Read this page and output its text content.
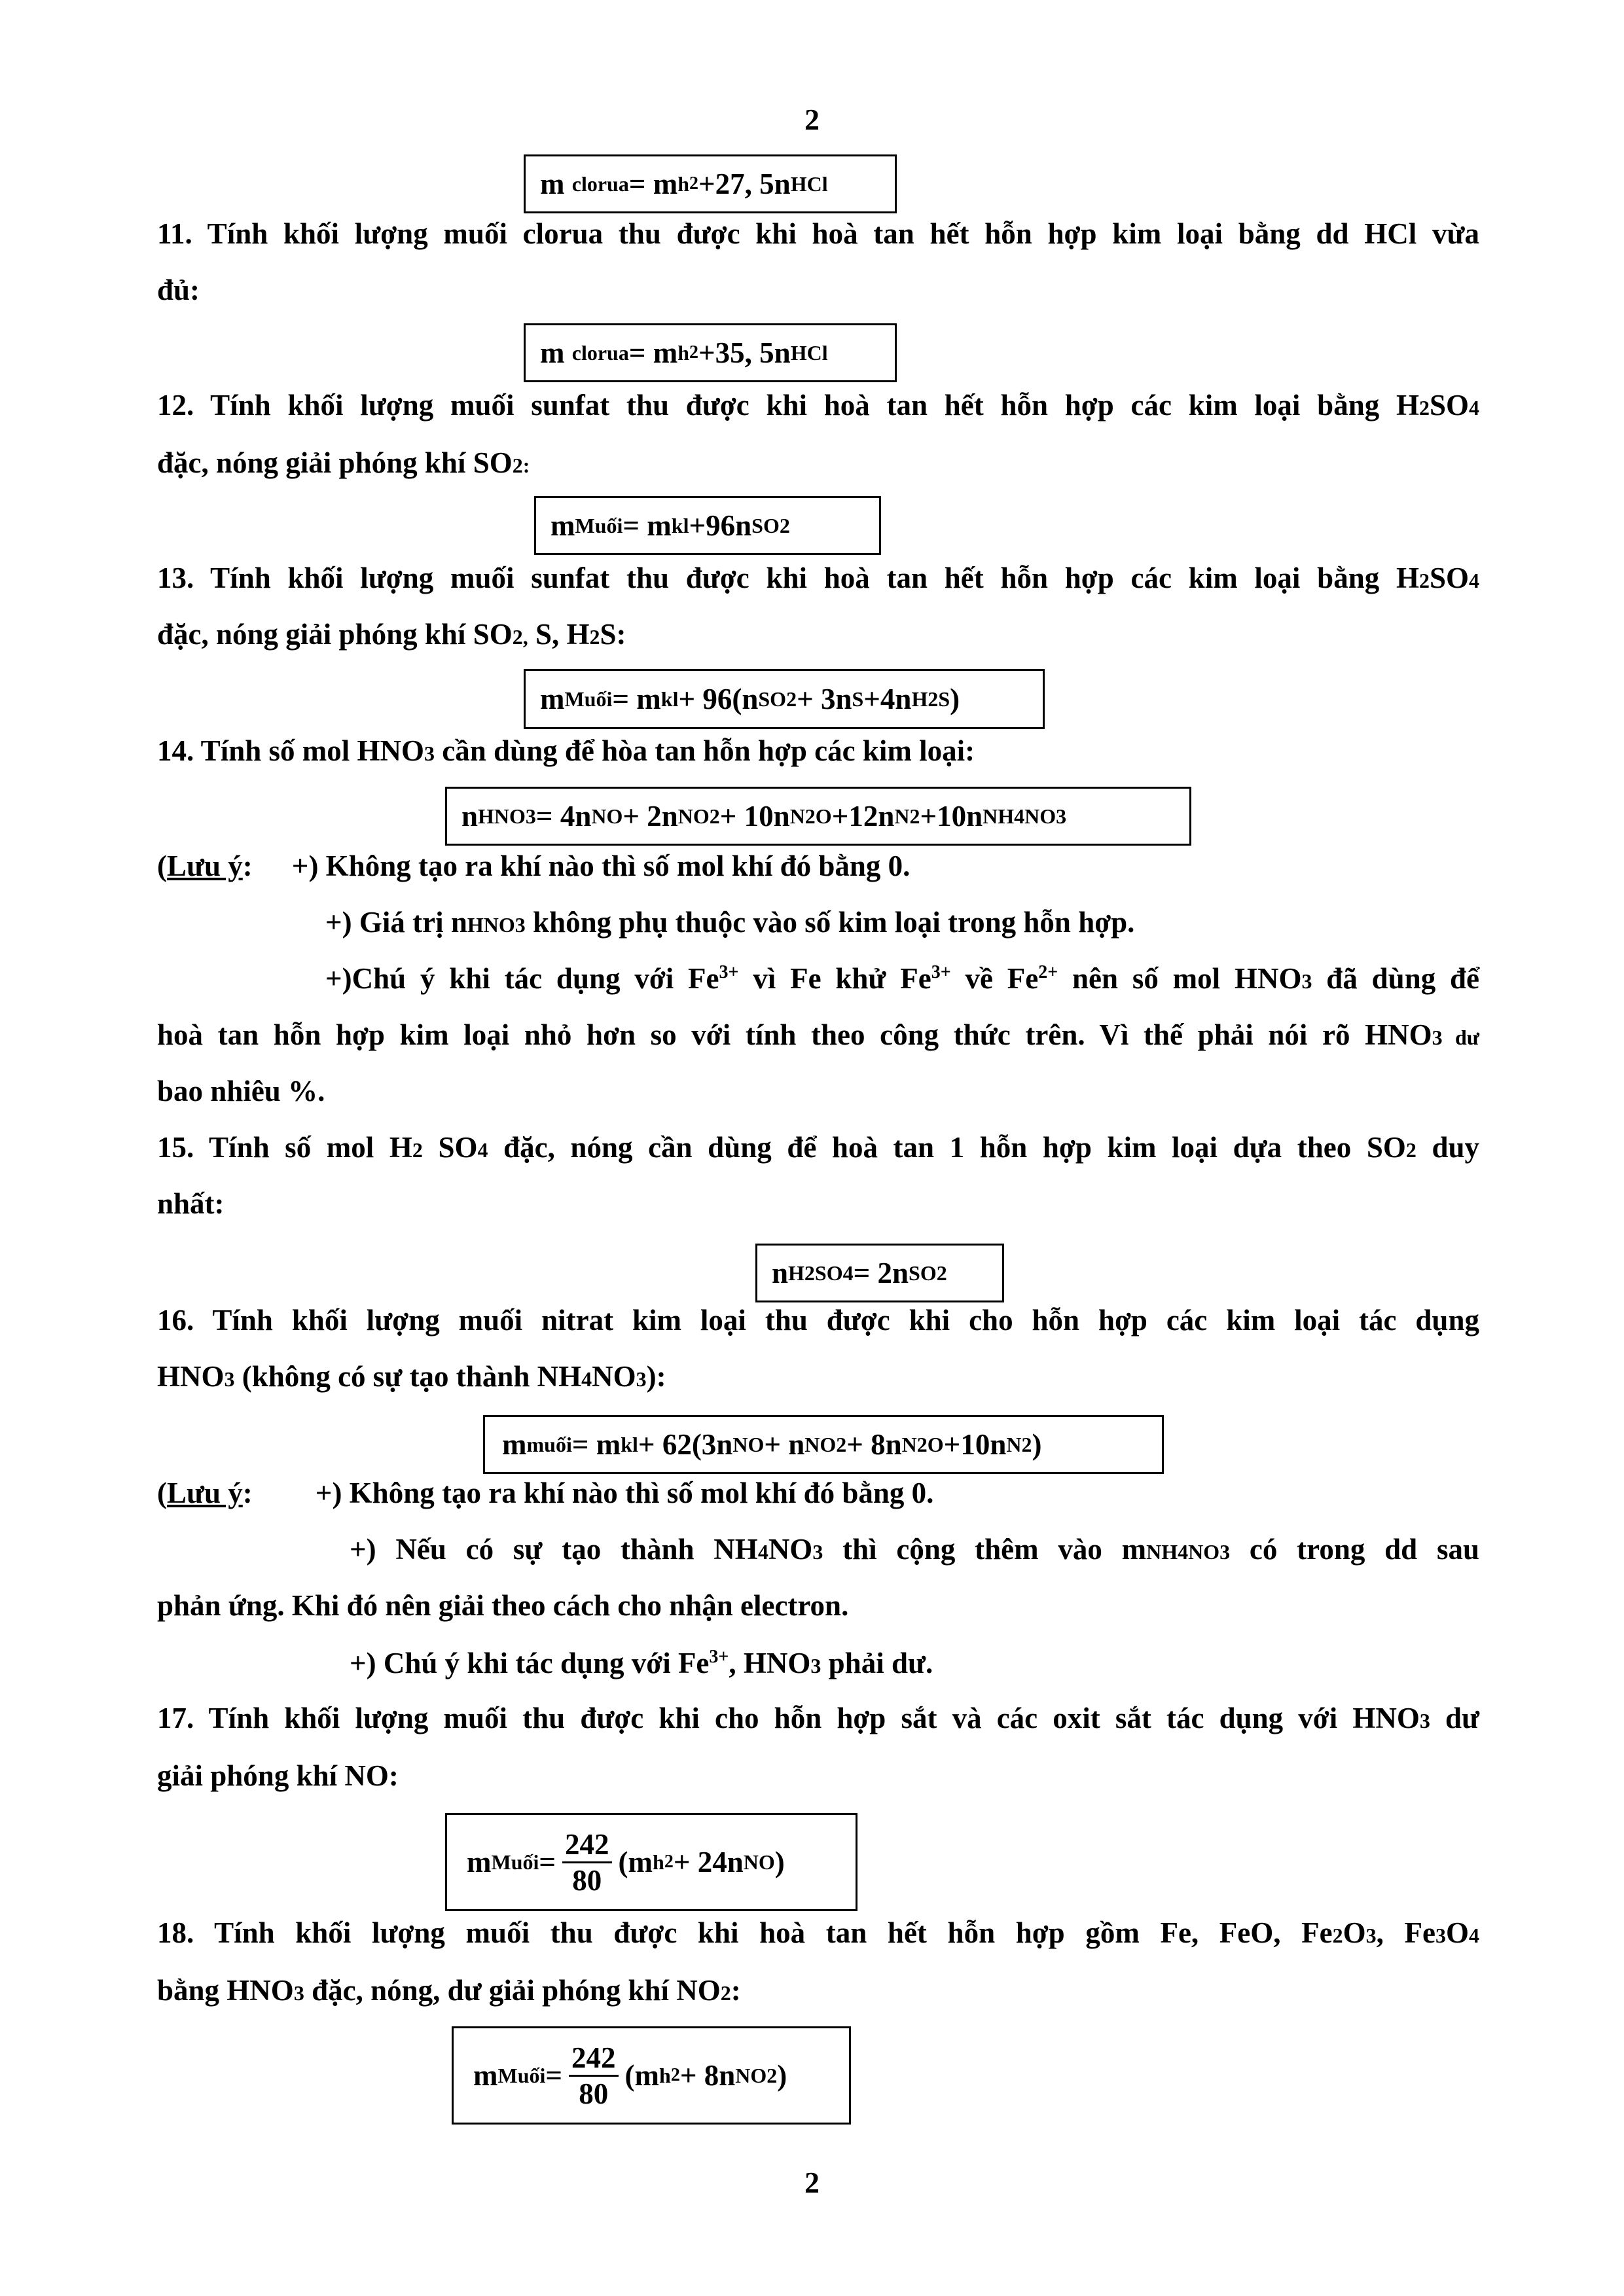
2
m
clorua = m h 2 +27, 5n HCl
11. Tính khối lượng muối clorua thu được khi hoà tan hết hỗn hợp kim loại bằng dd HCl vừa
đủ:
m
clorua = m h 2 +35, 5n HCl
12. Tính khối lượng muối sunfat thu được khi hoà tan hết hỗn hợp các kim loại bằng H2SO4
đặc, nóng giải phóng khí SO2:
m Muối = m kl +96n SO2
13. Tính khối lượng muối sunfat thu được khi hoà tan hết hỗn hợp các kim loại bằng H2SO4
đặc, nóng giải phóng khí SO2, S, H2S:
m Muối = m kl + 96(n SO2 + 3n S +4n H2S )
14. Tính số mol HNO3 cần dùng để hòa tan hỗn hợp các kim loại:
n HNO3 = 4n NO + 2n NO2 + 10n N2O +12n N2 +10n NH4NO3
(Lưu ý: +) Không tạo ra khí nào thì số mol khí đó bằng 0.
+) Giá trị nHNO3 không phụ thuộc vào số kim loại trong hỗn hợp.
+)Chú ý khi tác dụng với $Fe^{3+}$ vì Fe khử $Fe^{3+}$ về $Fe^{2+}$ nên số mol HNO3 đã dùng để
hoà tan hỗn hợp kim loại nhỏ hơn so với tính theo công thức trên. Vì thế phải nói rõ HNO3 dư
bao nhiêu %.
15. Tính số mol H2 SO4 đặc, nóng cần dùng để hoà tan 1 hỗn hợp kim loại dựa theo SO2 duy
nhất:
n H2SO4 = 2n SO2
16. Tính khối lượng muối nitrat kim loại thu được khi cho hỗn hợp các kim loại tác dụng
HNO3 (không có sự tạo thành NH4NO3):
m muối = m kl + 62(3n NO + n NO2 + 8n N2O +10n N2 )
(Lưu ý: +) Không tạo ra khí nào thì số mol khí đó bằng 0.
+) Nếu có sự tạo thành NH4NO3 thì cộng thêm vào mNH4NO3 có trong dd sau
phản ứng. Khi đó nên giải theo cách cho nhận electron.
+) Chú ý khi tác dụng với $Fe^{3+}$, HNO3 phải dư.
17. Tính khối lượng muối thu được khi cho hỗn hợp sắt và các oxit sắt tác dụng với HNO3 dư
giải phóng khí NO:
m Muối = $\frac{242}{80} (m$ h 2 + 24n NO )
18. Tính khối lượng muối thu được khi hoà tan hết hỗn hợp gồm Fe, FeO, Fe2O3, Fe3O4
bằng HNO3 đặc, nóng, dư giải phóng khí NO2:
m Muối = $\frac{242}{80} (m$ h 2 + 8n NO2 )
2
